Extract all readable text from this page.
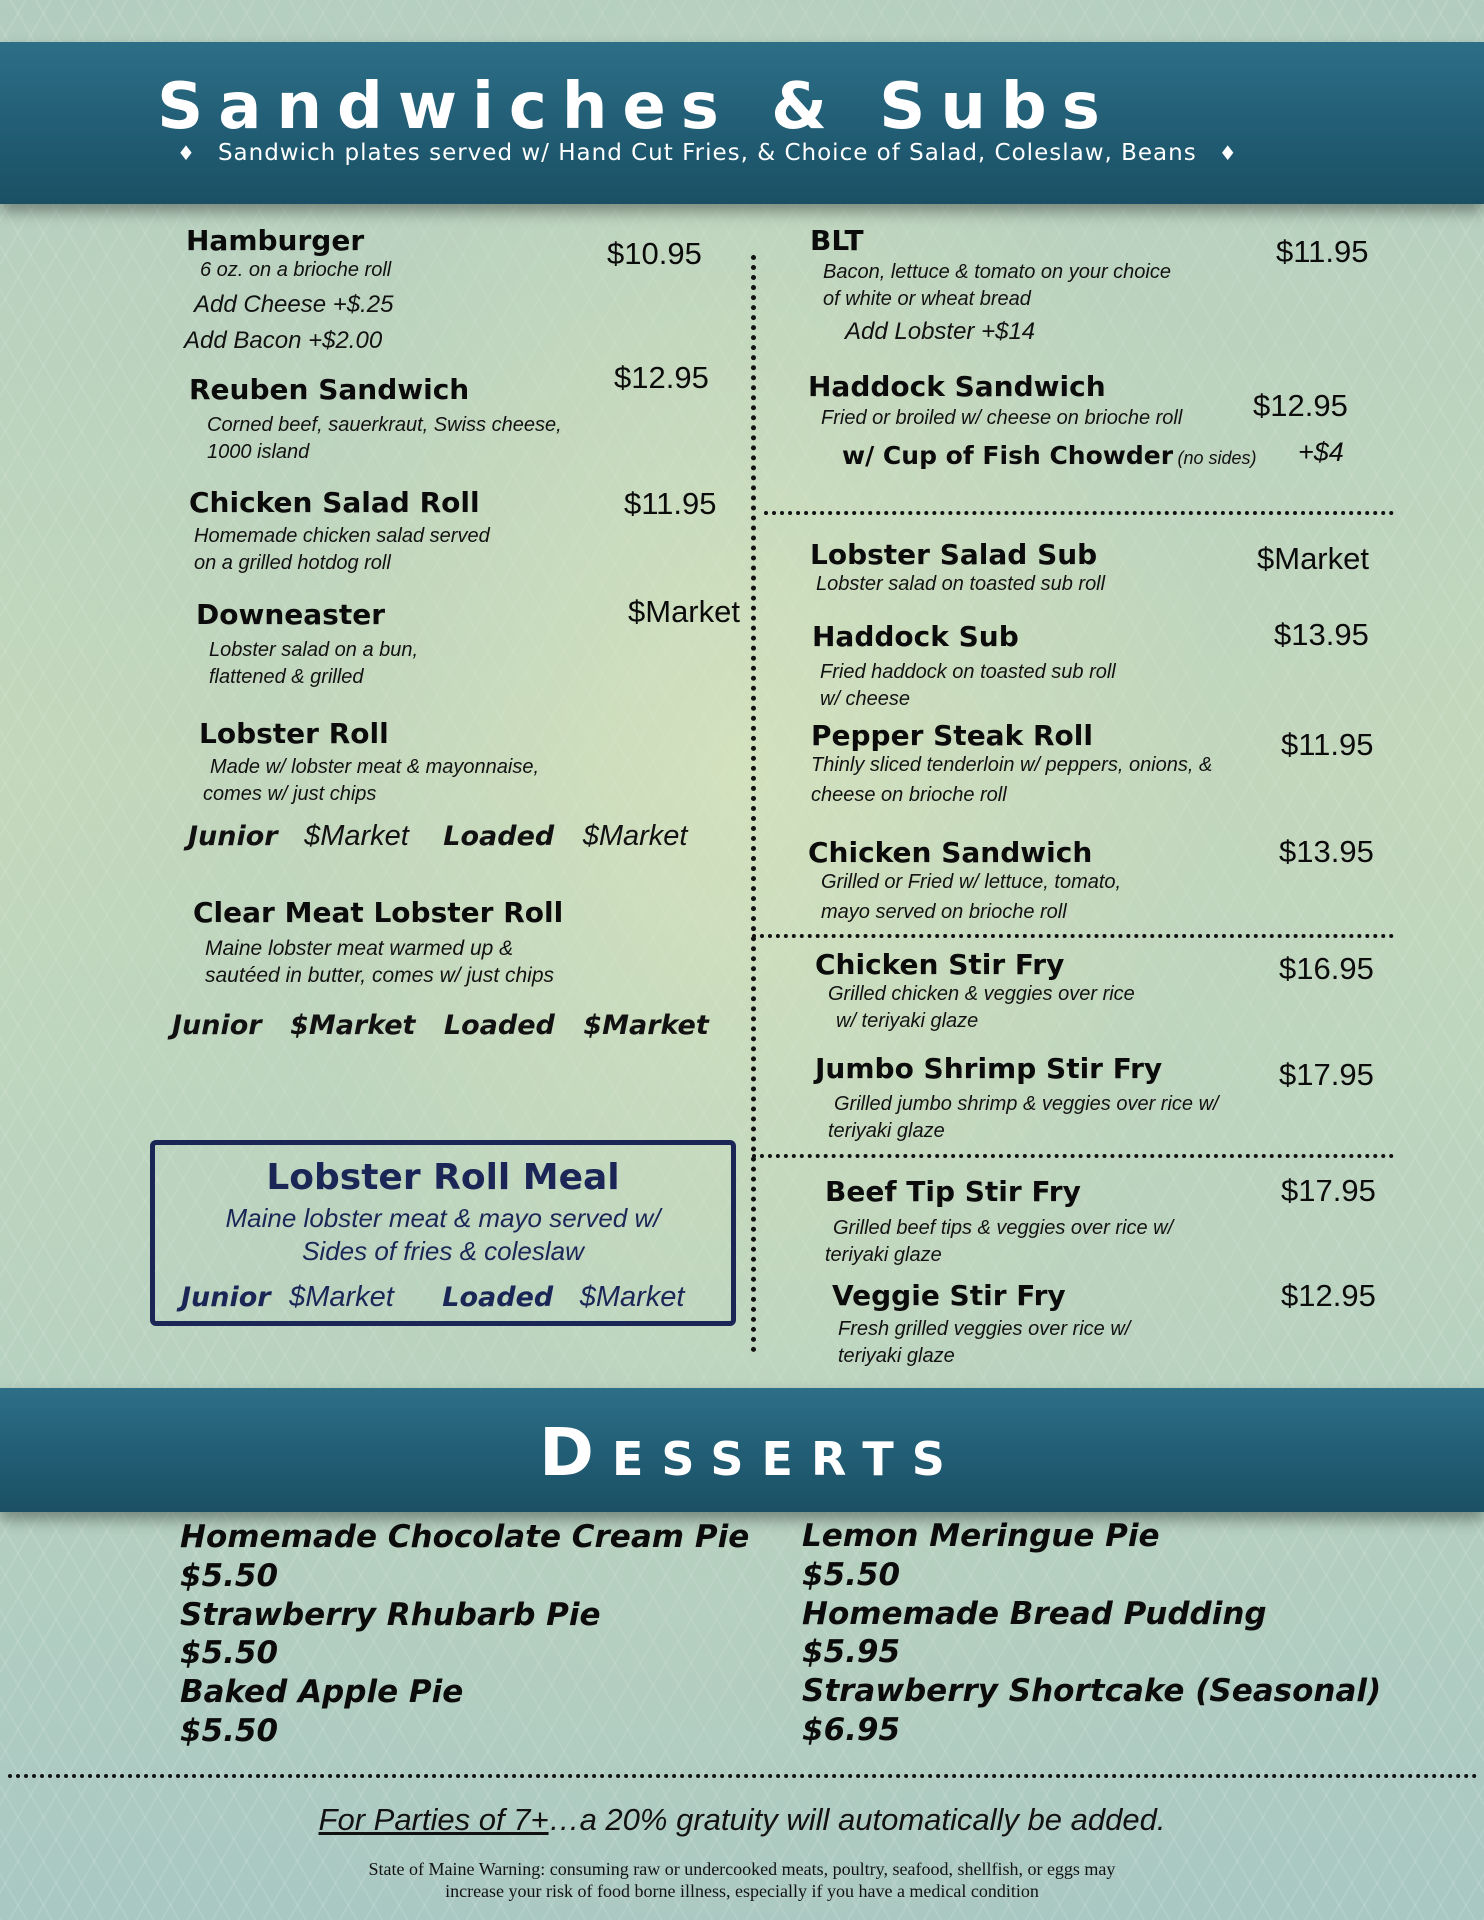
Sandwiches & Subs
♦ Sandwich plates served w/ Hand Cut Fries, & Choice of Salad, Coleslaw, Beans ♦
Hamburger
6 oz. on a brioche roll	$10.95
Add Cheese +$.25
Add Bacon +$2.00
Reuben Sandwich
Corned beef, sauerkraut, Swiss cheese,
1000 island
$12.95
Chicken Salad Roll
Homemade chicken salad served
on a grilled hotdog roll
$11.95
Downeaster
Lobster salad on a bun,
flattened & grilled
$Market
Lobster Roll
Made w/ lobster meat & mayonnaise,
comes w/ just chips
Junior $Market Loaded $Market
Clear Meat Lobster Roll
Maine lobster meat warmed up &
sautéed in butter, comes w/ just chips
Junior $Market Loaded $Market
Lobster Roll Meal
Maine lobster meat & mayo served w/
Sides of fries & coleslaw
Junior $Market Loaded $Market
BLT
Bacon, lettuce & tomato on your choice
of white or wheat bread
$11.95
Add Lobster +$14
Haddock Sandwich
Fried or broiled w/ cheese on brioche roll $12.95
w/ Cup of Fish Chowder (no sides) +$4
Lobster Salad Sub
Lobster salad on toasted sub roll
$Market
Haddock Sub
Fried haddock on toasted sub roll
w/ cheese
$13.95
Pepper Steak Roll
Thinly sliced tenderloin w/ peppers, onions, &
cheese on brioche roll
$11.95
Chicken Sandwich
Grilled or Fried w/ lettuce, tomato,
mayo served on brioche roll
$13.95
Chicken Stir Fry
Grilled chicken & veggies over rice
w/ teriyaki glaze
$16.95
Jumbo Shrimp Stir Fry
Grilled jumbo shrimp & veggies over rice w/
teriyaki glaze
$17.95
Beef Tip Stir Fry
Grilled beef tips & veggies over rice w/
teriyaki glaze
$17.95
Veggie Stir Fry
Fresh grilled veggies over rice w/
teriyaki glaze
$12.95
Desserts
Homemade Chocolate Cream Pie
$5.50
Strawberry Rhubarb Pie
$5.50
Baked Apple Pie
$5.50
Lemon Meringue Pie
$5.50
Homemade Bread Pudding
$5.95
Strawberry Shortcake (Seasonal)
$6.95
For Parties of 7+…a 20% gratuity will automatically be added.
State of Maine Warning: consuming raw or undercooked meats, poultry, seafood, shellfish, or eggs may
increase your risk of food borne illness, especially if you have a medical condition
